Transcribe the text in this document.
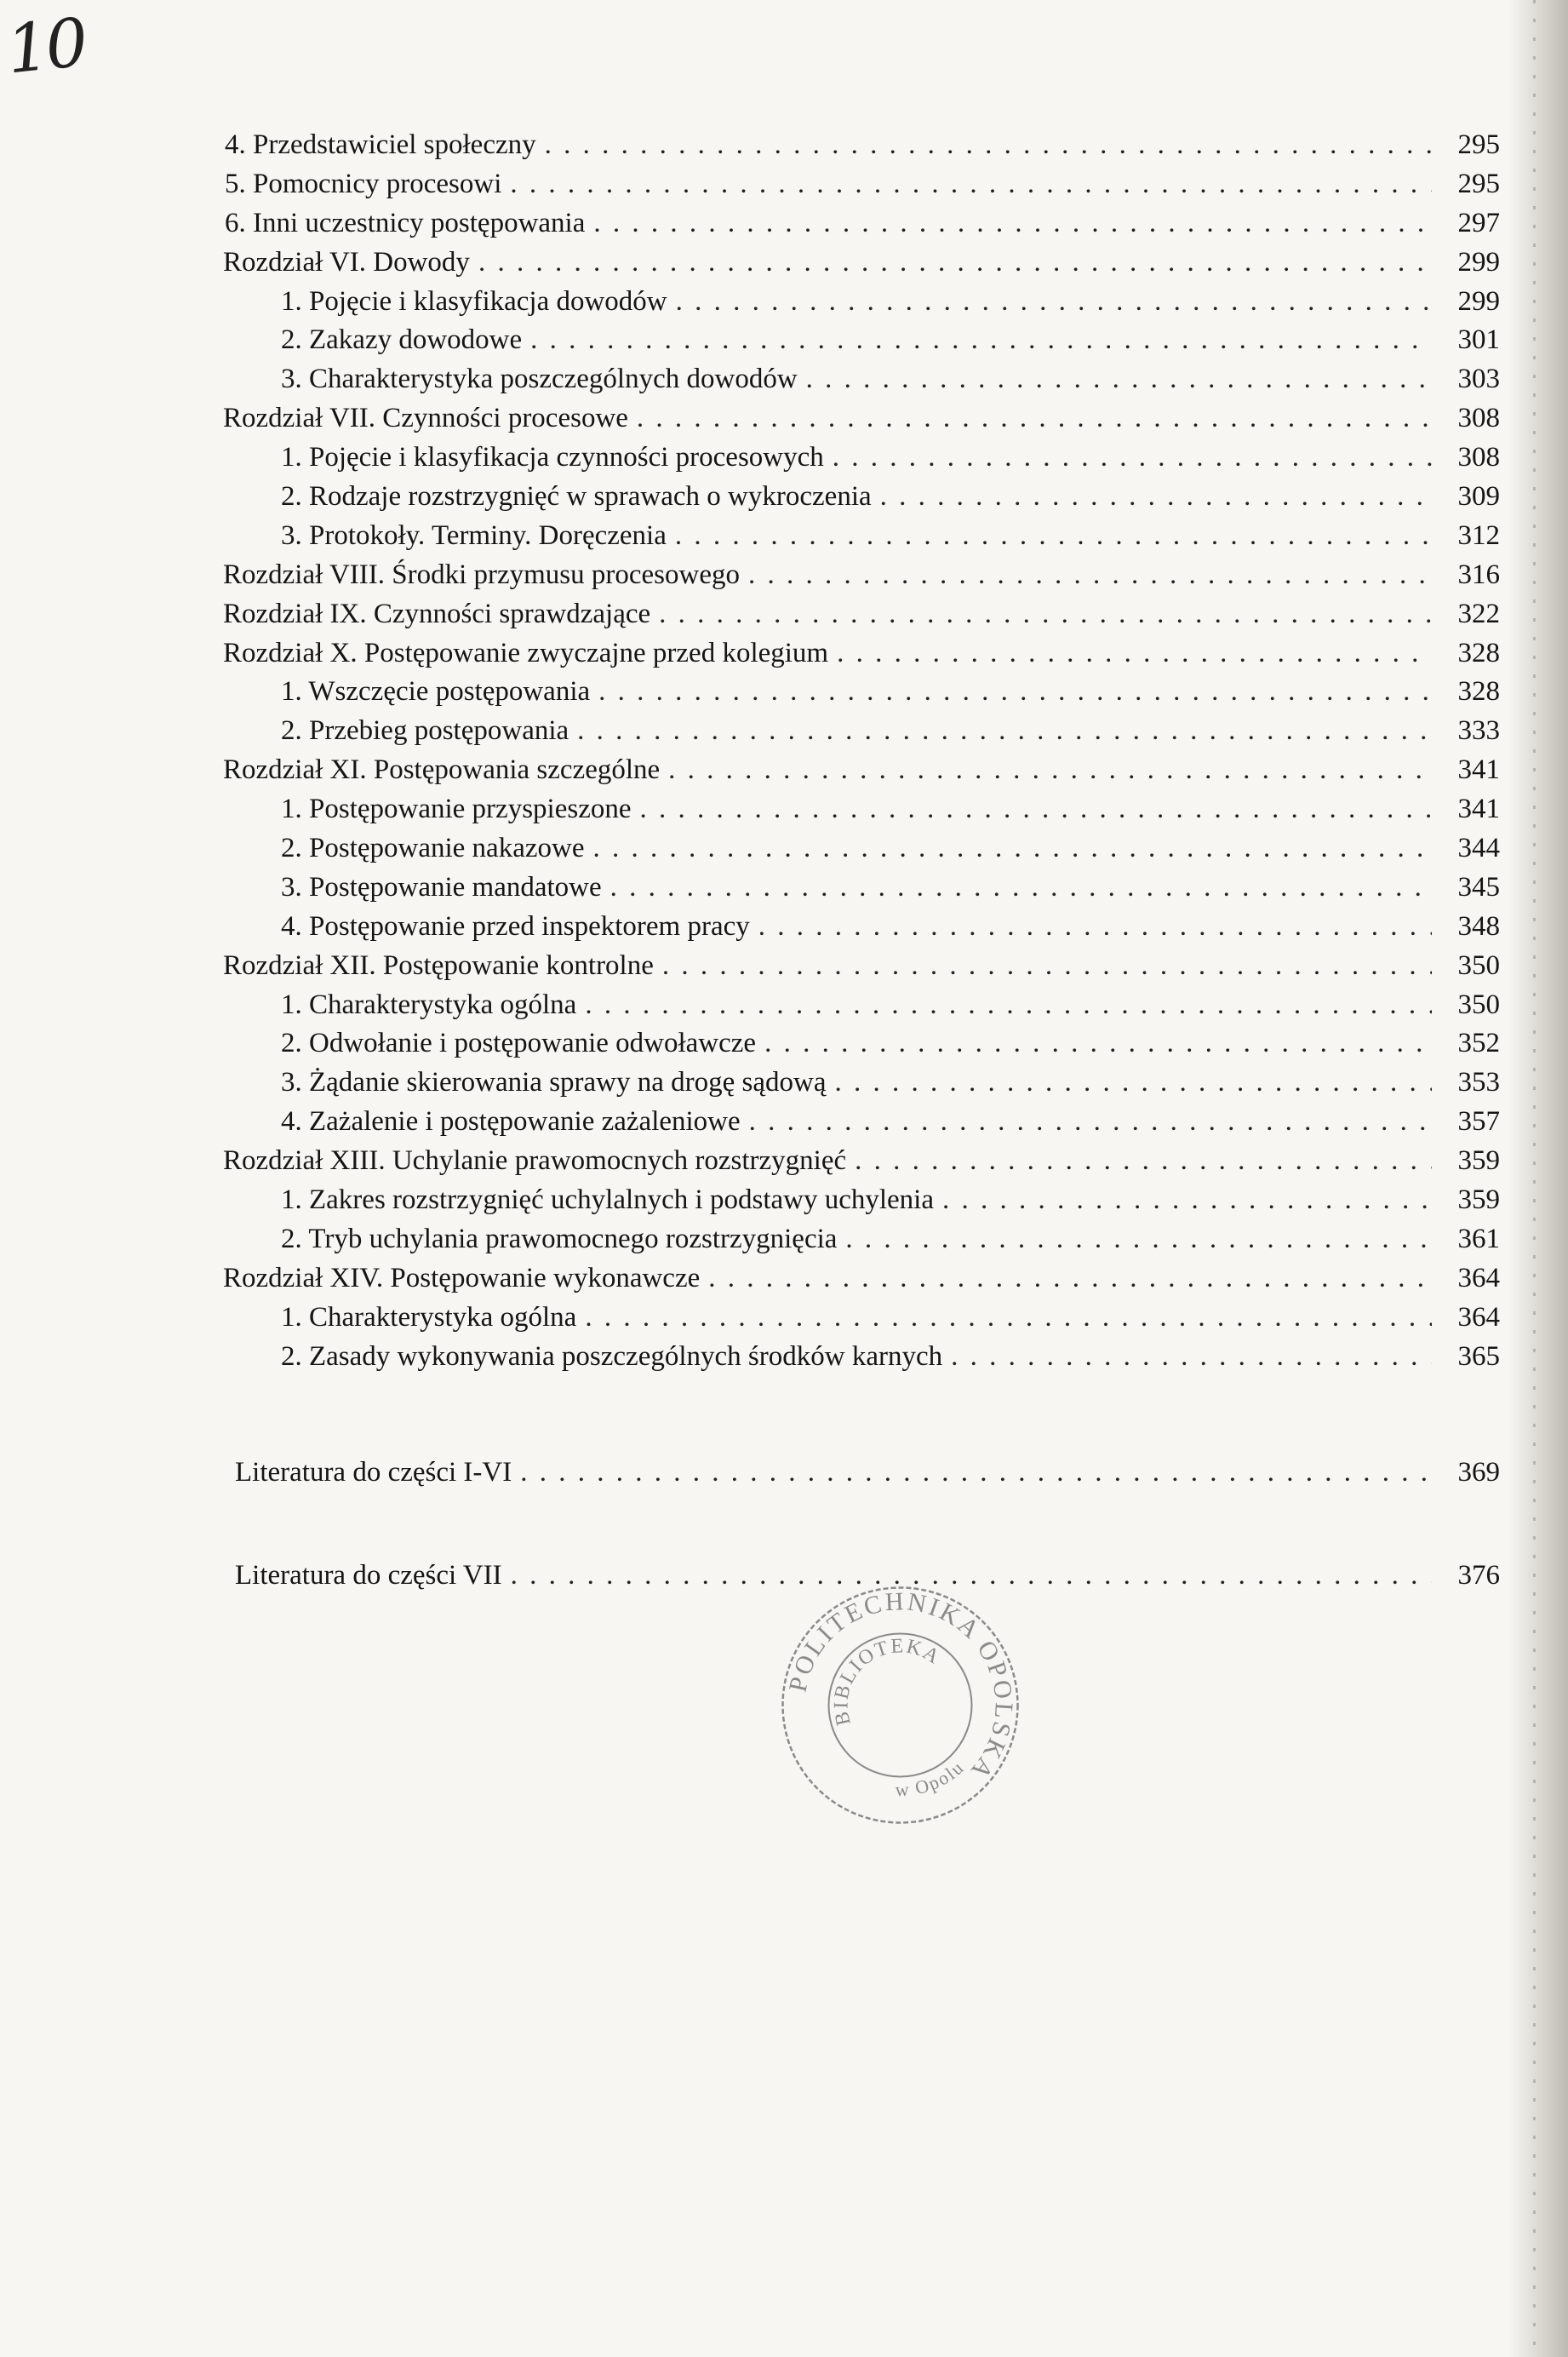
10
4. Przedstawiciel społeczny . . .	295
5. Pomocnicy procesowi . . .	295
6. Inni uczestnicy postępowania . . .	297
Rozdział VI. Dowody . . .	299
1. Pojęcie i klasyfikacja dowodów . . .	299
2. Zakazy dowodowe . . .	301
3. Charakterystyka poszczególnych dowodów . . .	303
Rozdział VII. Czynności procesowe . . .	308
1. Pojęcie i klasyfikacja czynności procesowych . . .	308
2. Rodzaje rozstrzygnięć w sprawach o wykroczenia . . .	309
3. Protokoły. Terminy. Doręczenia . . .	312
Rozdział VIII. Środki przymusu procesowego . . .	316
Rozdział IX. Czynności sprawdzające . . .	322
Rozdział X. Postępowanie zwyczajne przed kolegium . . .	328
1. Wszczęcie postępowania . . .	328
2. Przebieg postępowania . . .	333
Rozdział XI. Postępowania szczególne . . .	341
1. Postępowanie przyspieszone . . .	341
2. Postępowanie nakazowe . . .	344
3. Postępowanie mandatowe . . .	345
4. Postępowanie przed inspektorem pracy . . .	348
Rozdział XII. Postępowanie kontrolne . . .	350
1. Charakterystyka ogólna . . .	350
2. Odwołanie i postępowanie odwoławcze . . .	352
3. Żądanie skierowania sprawy na drogę sądową . . .	353
4. Zażalenie i postępowanie zażaleniowe . . .	357
Rozdział XIII. Uchylanie prawomocnych rozstrzygnięć . . .	359
1. Zakres rozstrzygnięć uchylalnych i podstawy uchylenia . . .	359
2. Tryb uchylania prawomocnego rozstrzygnięcia . . .	361
Rozdział XIV. Postępowanie wykonawcze . . .	364
1. Charakterystyka ogólna . . .	364
2. Zasady wykonywania poszczególnych środków karnych . . .	365
Literatura do części I-VI . . .	369
Literatura do części VII . . .	376
POLITECHNIKA OPOLSKA
BIBLIOTEKA
w Opolu
